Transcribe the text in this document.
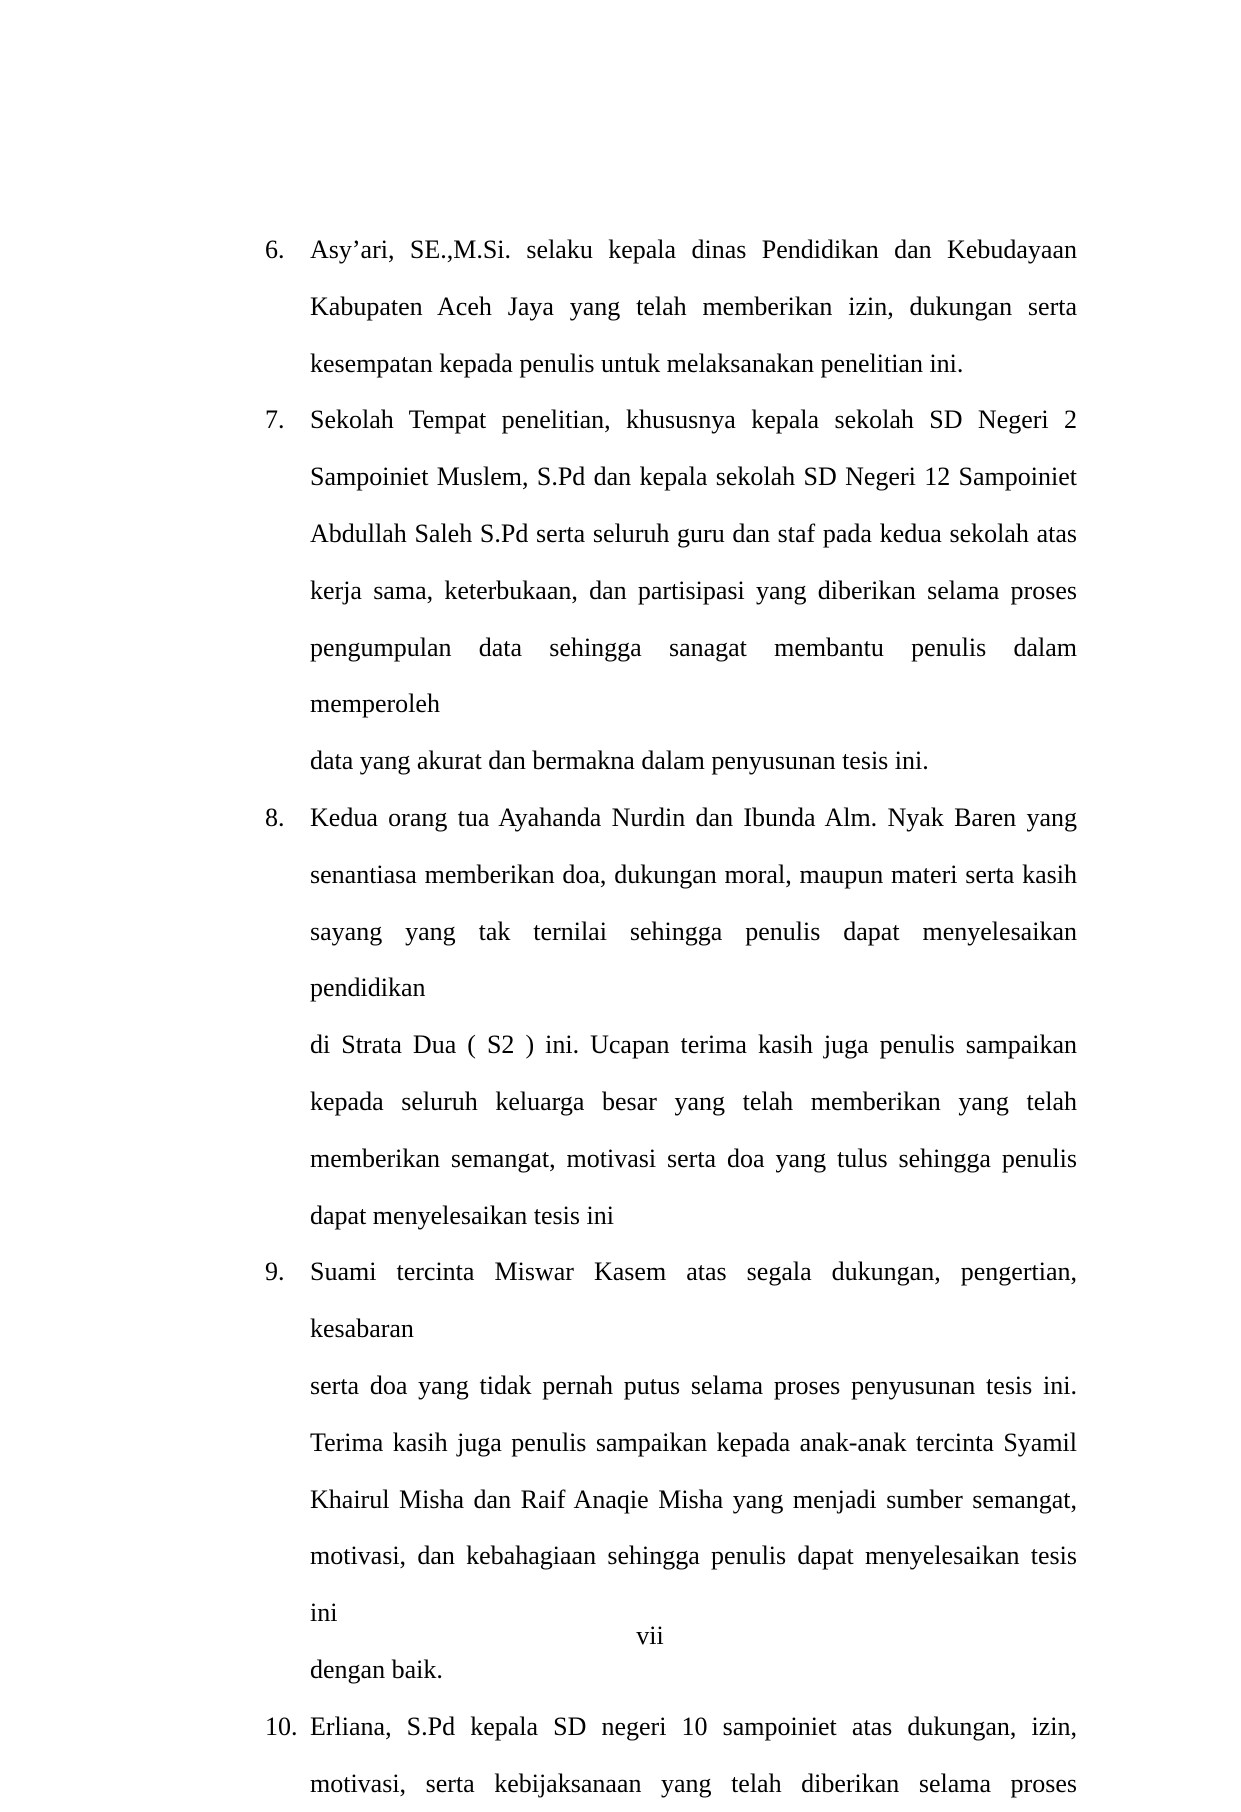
6. Asy’ari, SE.,M.Si. selaku kepala dinas Pendidikan dan Kebudayaan
Kabupaten Aceh Jaya yang telah memberikan izin, dukungan serta
kesempatan kepada penulis untuk melaksanakan penelitian ini.
7. Sekolah Tempat penelitian, khususnya kepala sekolah SD Negeri 2
Sampoiniet Muslem, S.Pd dan kepala sekolah SD Negeri 12 Sampoiniet
Abdullah Saleh S.Pd serta seluruh guru dan staf pada kedua sekolah atas
kerja sama, keterbukaan, dan partisipasi yang diberikan selama proses
pengumpulan data sehingga sanagat membantu penulis dalam memperoleh
data yang akurat dan bermakna dalam penyusunan tesis ini.
8. Kedua orang tua Ayahanda Nurdin dan Ibunda Alm. Nyak Baren yang
senantiasa memberikan doa, dukungan moral, maupun materi serta kasih
sayang yang tak ternilai sehingga penulis dapat menyelesaikan pendidikan
di Strata Dua ( S2 ) ini. Ucapan terima kasih juga penulis sampaikan
kepada seluruh keluarga besar yang telah memberikan yang telah
memberikan semangat, motivasi serta doa yang tulus sehingga penulis
dapat menyelesaikan tesis ini
9. Suami tercinta Miswar Kasem atas segala dukungan, pengertian, kesabaran
serta doa yang tidak pernah putus selama proses penyusunan tesis ini.
Terima kasih juga penulis sampaikan kepada anak-anak tercinta Syamil
Khairul Misha dan Raif Anaqie Misha yang menjadi sumber semangat,
motivasi, dan kebahagiaan sehingga penulis dapat menyelesaikan tesis ini
dengan baik.
10. Erliana, S.Pd kepala SD negeri 10 sampoiniet atas dukungan, izin,
motivasi, serta kebijaksanaan yang telah diberikan selama proses
vii
